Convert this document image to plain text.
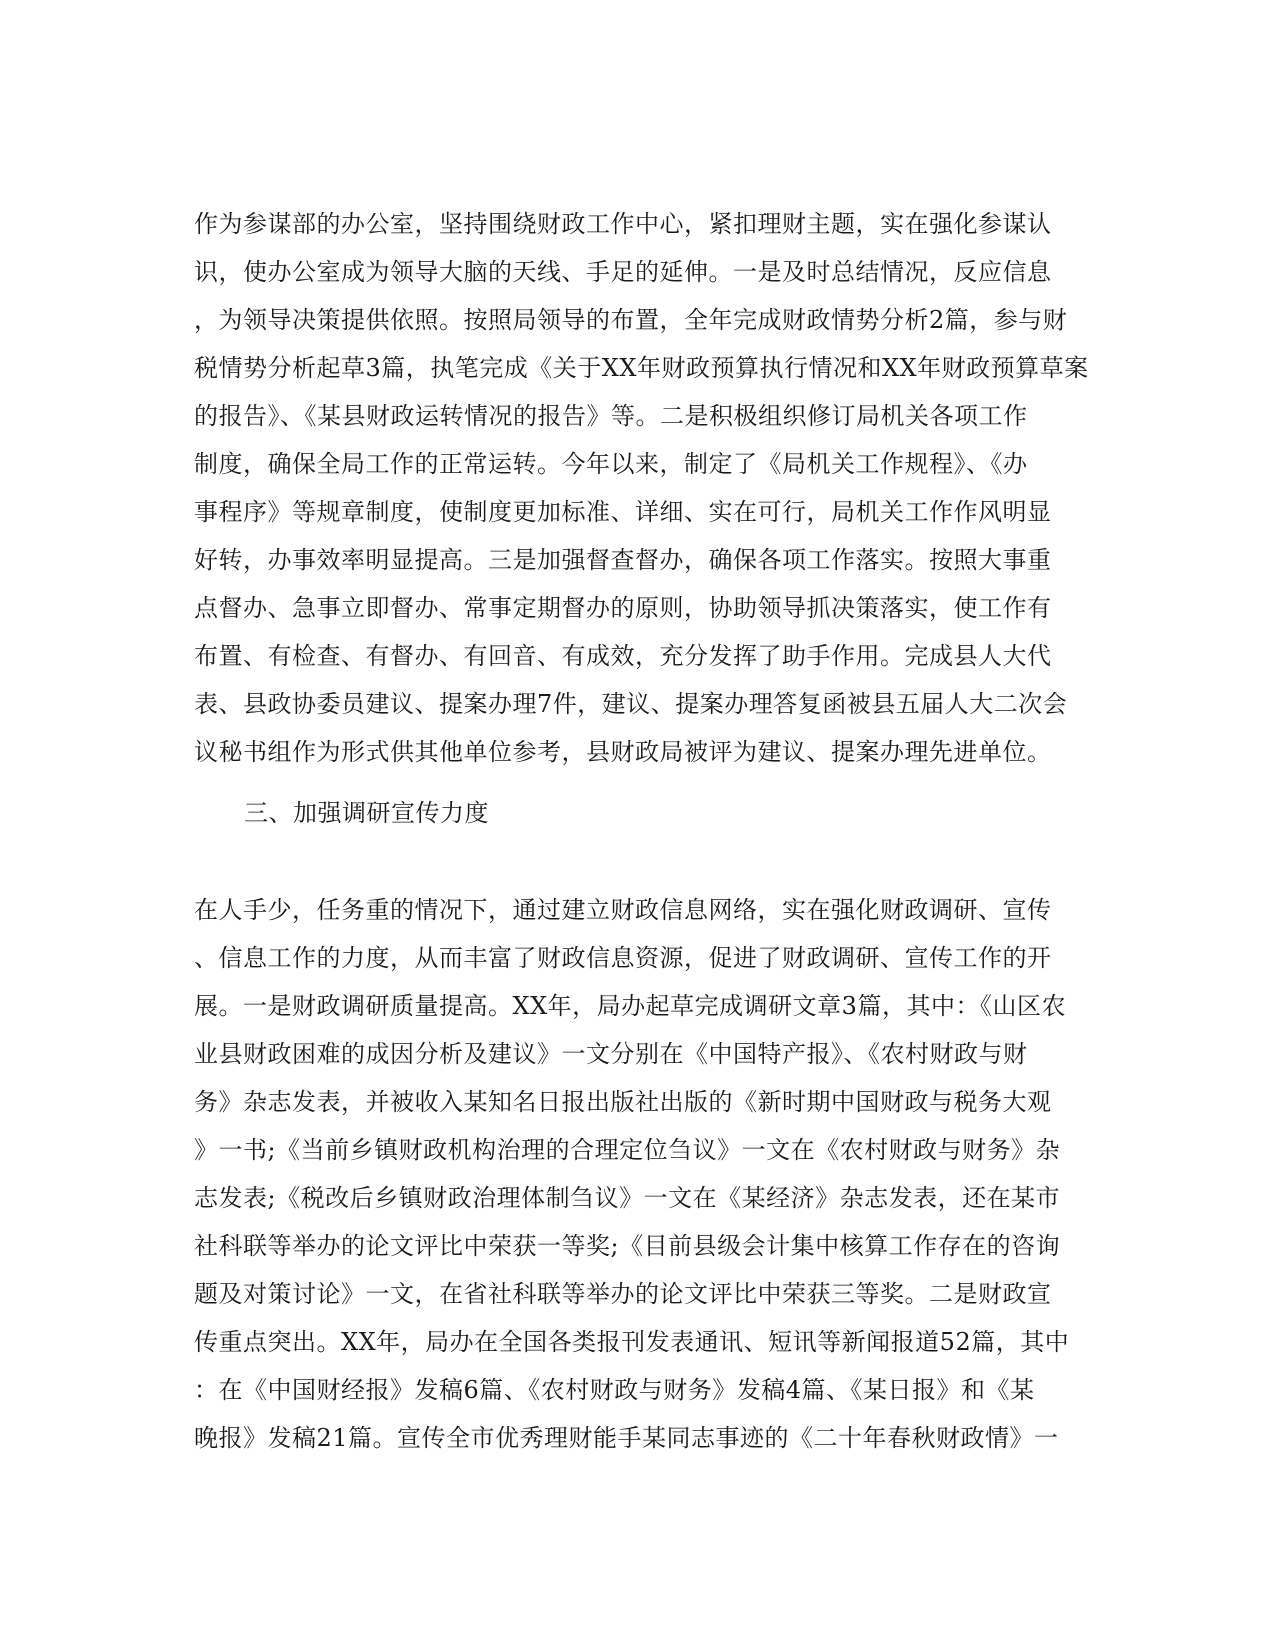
作为参谋部的办公室，坚持围绕财政工作中心，紧扣理财主题，实在强化参谋认
识，使办公室成为领导大脑的天线、手足的延伸。一是及时总结情况，反应信息
，为领导决策提供依照。按照局领导的布置，全年完成财政情势分析2篇，参与财
税情势分析起草3篇，执笔完成《关于XX年财政预算执行情况和XX年财政预算草案
的报告》、《某县财政运转情况的报告》等。二是积极组织修订局机关各项工作
制度，确保全局工作的正常运转。今年以来，制定了《局机关工作规程》、《办
事程序》等规章制度，使制度更加标准、详细、实在可行，局机关工作作风明显
好转，办事效率明显提高。三是加强督查督办，确保各项工作落实。按照大事重
点督办、急事立即督办、常事定期督办的原则，协助领导抓决策落实，使工作有
布置、有检查、有督办、有回音、有成效，充分发挥了助手作用。完成县人大代
表、县政协委员建议、提案办理7件，建议、提案办理答复函被县五届人大二次会
议秘书组作为形式供其他单位参考，县财政局被评为建议、提案办理先进单位。
三、加强调研宣传力度
在人手少，任务重的情况下，通过建立财政信息网络，实在强化财政调研、宣传
、信息工作的力度，从而丰富了财政信息资源，促进了财政调研、宣传工作的开
展。一是财政调研质量提高。XX年，局办起草完成调研文章3篇，其中：《山区农
业县财政困难的成因分析及建议》一文分别在《中国特产报》、《农村财政与财
务》杂志发表，并被收入某知名日报出版社出版的《新时期中国财政与税务大观
》一书;《当前乡镇财政机构治理的合理定位刍议》一文在《农村财政与财务》杂
志发表;《税改后乡镇财政治理体制刍议》一文在《某经济》杂志发表，还在某市
社科联等举办的论文评比中荣获一等奖;《目前县级会计集中核算工作存在的咨询
题及对策讨论》一文，在省社科联等举办的论文评比中荣获三等奖。二是财政宣
传重点突出。XX年，局办在全国各类报刊发表通讯、短讯等新闻报道52篇，其中
：在《中国财经报》发稿6篇、《农村财政与财务》发稿4篇、《某日报》和《某
晚报》发稿21篇。宣传全市优秀理财能手某同志事迹的《二十年春秋财政情》一
